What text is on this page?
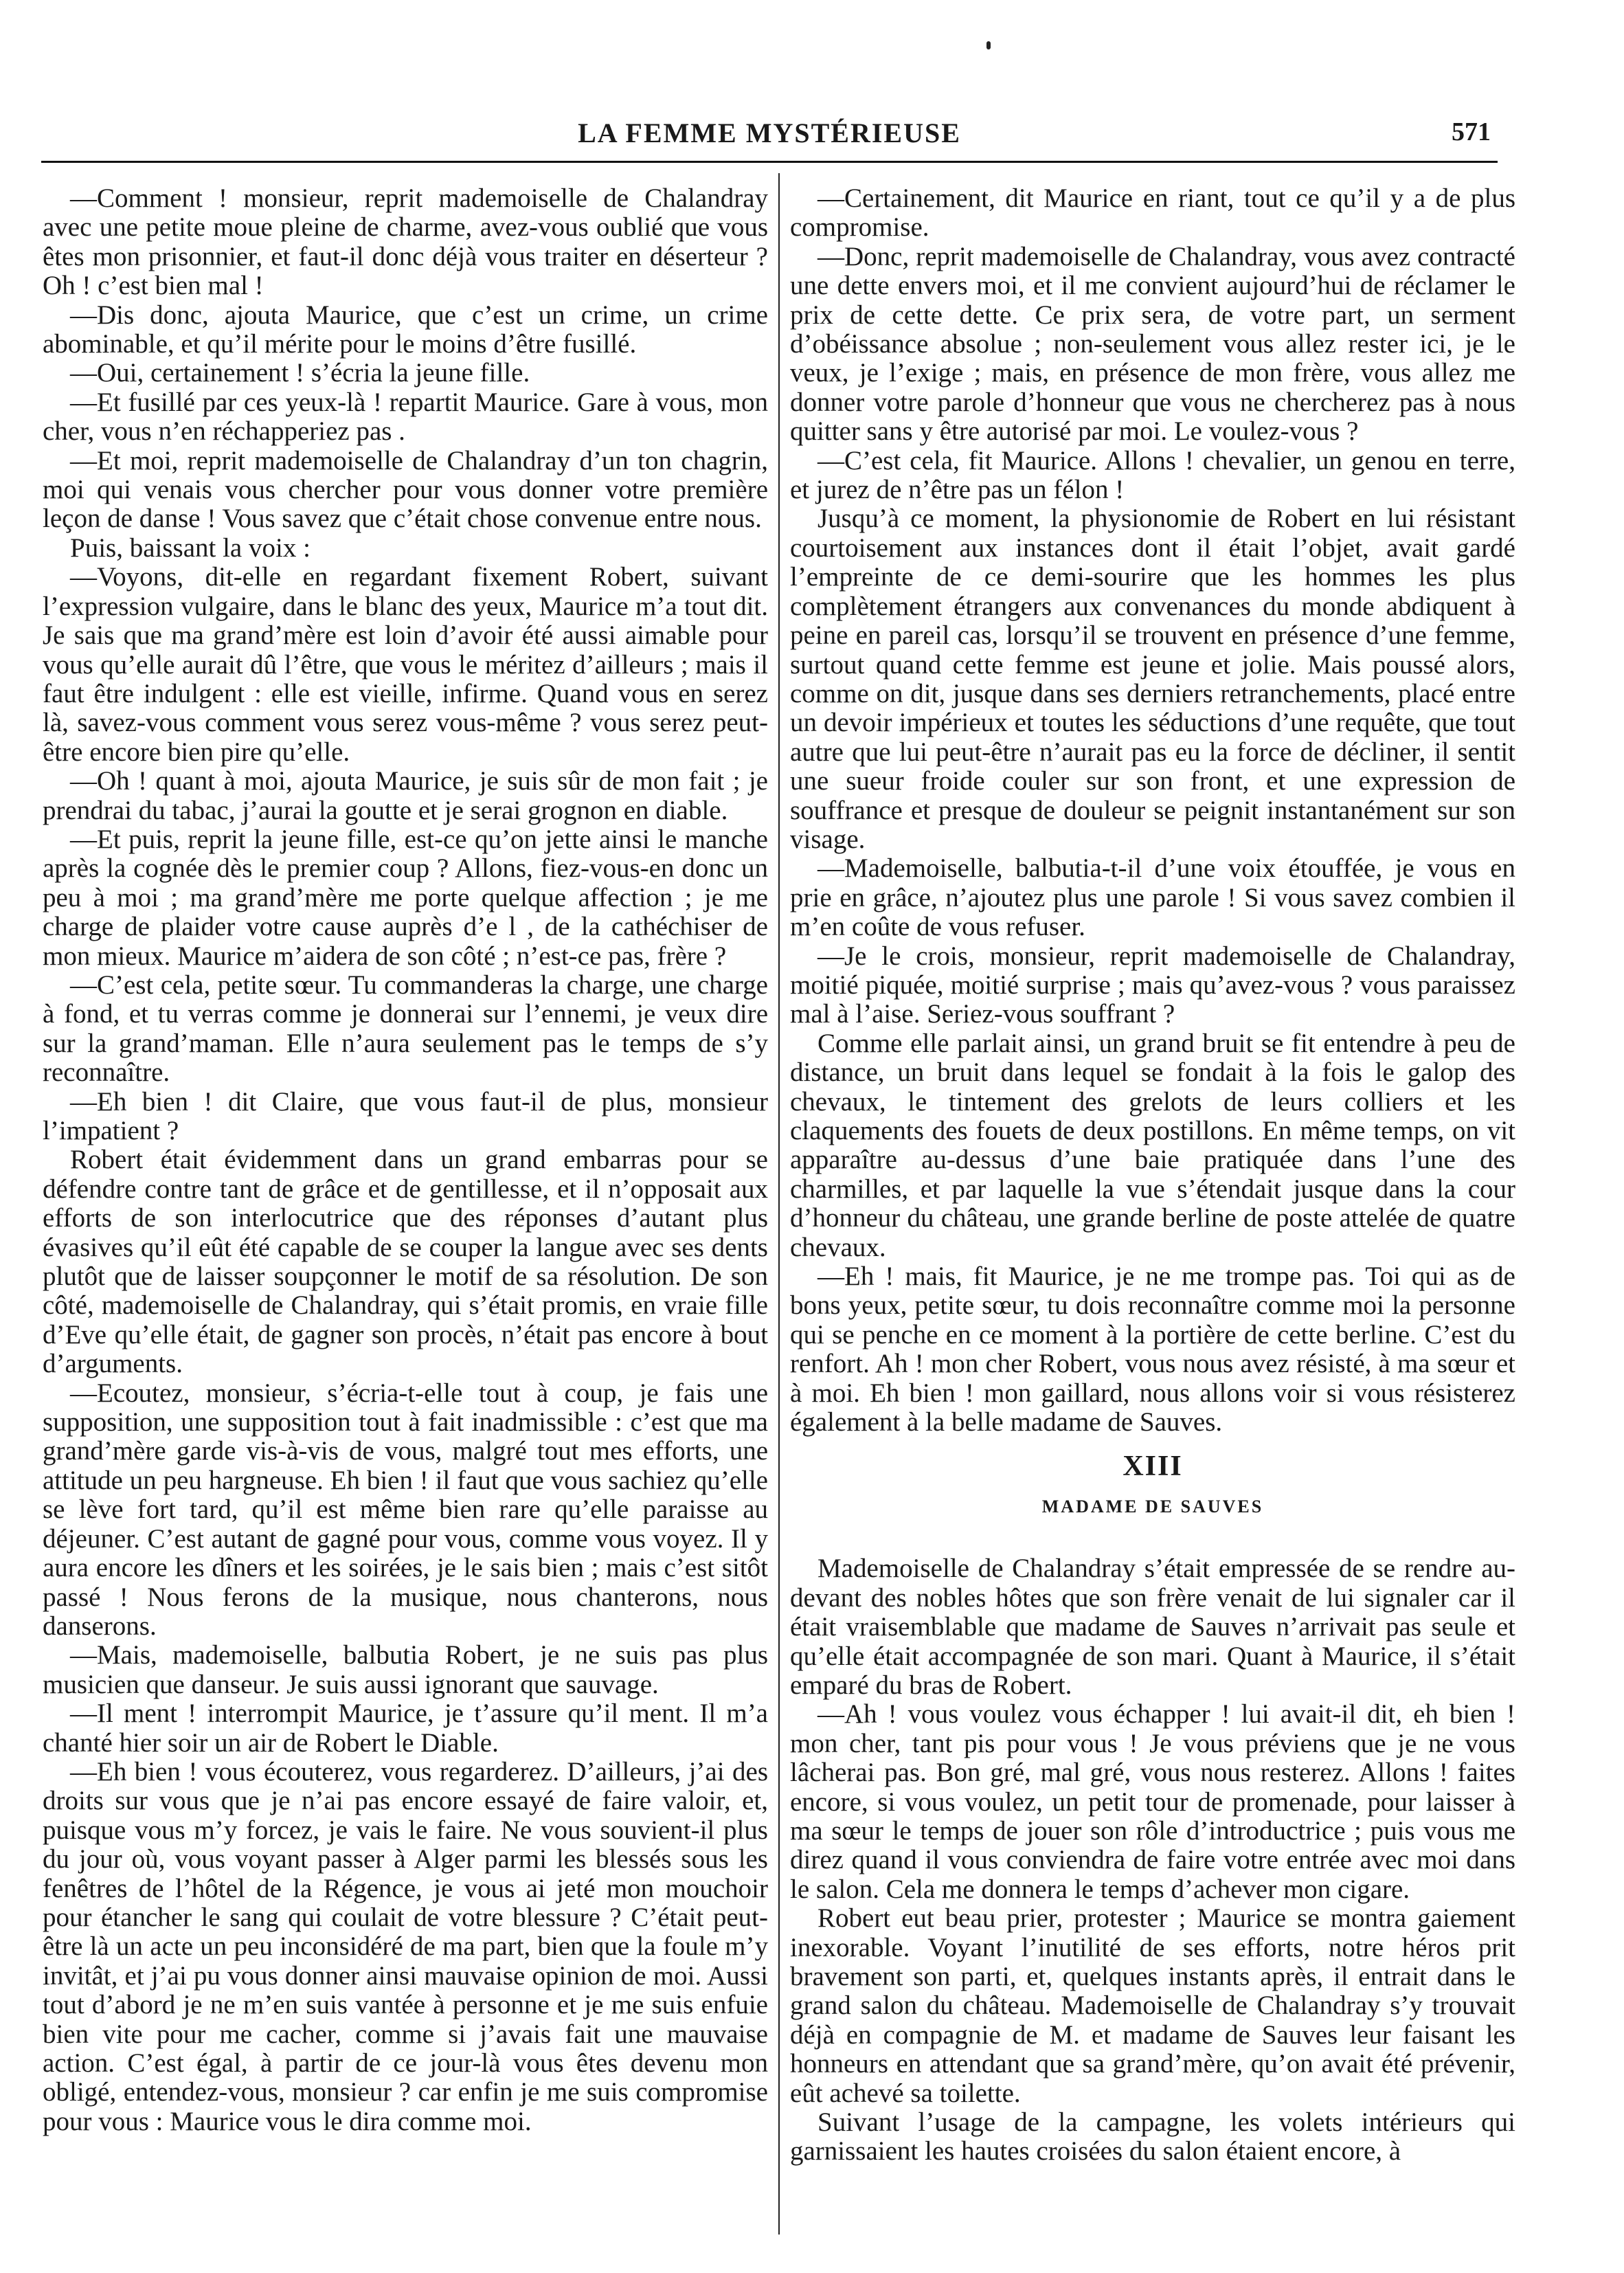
LA FEMME MYSTÉRIEUSE	571

—Comment ! monsieur, reprit mademoiselle de Chalandray avec une petite moue pleine de charme, avez-vous oublié que vous êtes mon prisonnier, et faut-il donc déjà vous traiter en déserteur ? Oh ! c’est bien mal !

—Dis donc, ajouta Maurice, que c’est un crime, un crime abominable, et qu’il mérite pour le moins d’être fusillé.

—Oui, certainement ! s’écria la jeune fille.

—Et fusillé par ces yeux-là ! repartit Maurice. Gare à vous, mon cher, vous n’en réchapperiez pas .

—Et moi, reprit mademoiselle de Chalandray d’un ton chagrin, moi qui venais vous chercher pour vous donner votre première leçon de danse ! Vous savez que c’était chose convenue entre nous.

Puis, baissant la voix :

—Voyons, dit-elle en regardant fixement Robert, suivant l’expression vulgaire, dans le blanc des yeux, Maurice m’a tout dit. Je sais que ma grand’mère est loin d’avoir été aussi aimable pour vous qu’elle aurait dû l’être, que vous le méritez d’ailleurs ; mais il faut être indulgent : elle est vieille, infirme. Quand vous en serez là, savez-vous comment vous serez vous-même ? vous serez peut-être encore bien pire qu’elle.

—Oh ! quant à moi, ajouta Maurice, je suis sûr de mon fait ; je prendrai du tabac, j’aurai la goutte et je serai grognon en diable.

—Et puis, reprit la jeune fille, est-ce qu’on jette ainsi le manche après la cognée dès le premier coup ? Allons, fiez-vous-en donc un peu à moi ; ma grand’mère me porte quelque affection ; je me charge de plaider votre cause auprès d’e l , de la cathéchiser de mon mieux. Maurice m’aidera de son côté ; n’est-ce pas, frère ?

—C’est cela, petite sœur. Tu commanderas la charge, une charge à fond, et tu verras comme je donnerai sur l’ennemi, je veux dire sur la grand’maman. Elle n’aura seulement pas le temps de s’y reconnaître.

—Eh bien ! dit Claire, que vous faut-il de plus, monsieur l’impatient ?

Robert était évidemment dans un grand embarras pour se défendre contre tant de grâce et de gentillesse, et il n’opposait aux efforts de son interlocutrice que des réponses d’autant plus évasives qu’il eût été capable de se couper la langue avec ses dents plutôt que de laisser soupçonner le motif de sa résolution. De son côté, mademoiselle de Chalandray, qui s’était promis, en vraie fille d’Eve qu’elle était, de gagner son procès, n’était pas encore à bout d’arguments.

—Ecoutez, monsieur, s’écria-t-elle tout à coup, je fais une supposition, une supposition tout à fait inadmissible : c’est que ma grand’mère garde vis-à-vis de vous, malgré tout mes efforts, une attitude un peu hargneuse. Eh bien ! il faut que vous sachiez qu’elle se lève fort tard, qu’il est même bien rare qu’elle paraisse au déjeuner. C’est autant de gagné pour vous, comme vous voyez. Il y aura encore les dîners et les soirées, je le sais bien ; mais c’est sitôt passé ! Nous ferons de la musique, nous chanterons, nous danserons.

—Mais, mademoiselle, balbutia Robert, je ne suis pas plus musicien que danseur. Je suis aussi ignorant que sauvage.

—Il ment ! interrompit Maurice, je t’assure qu’il ment. Il m’a chanté hier soir un air de Robert le Diable.

—Eh bien ! vous écouterez, vous regarderez. D’ailleurs, j’ai des droits sur vous que je n’ai pas encore essayé de faire valoir, et, puisque vous m’y forcez, je vais le faire. Ne vous souvient-il plus du jour où, vous voyant passer à Alger parmi les blessés sous les fenêtres de l’hôtel de la Régence, je vous ai jeté mon mouchoir pour étancher le sang qui coulait de votre blessure ? C’était peut-être là un acte un peu inconsidéré de ma part, bien que la foule m’y invitât, et j’ai pu vous donner ainsi mauvaise opinion de moi. Aussi tout d’abord je ne m’en suis vantée à personne et je me suis enfuie bien vite pour me cacher, comme si j’avais fait une mauvaise action. C’est égal, à partir de ce jour-là vous êtes devenu mon obligé, entendez-vous, monsieur ? car enfin je me suis compromise pour vous : Maurice vous le dira comme moi.

—Certainement, dit Maurice en riant, tout ce qu’il y a de plus compromise.

—Donc, reprit mademoiselle de Chalandray, vous avez contracté une dette envers moi, et il me convient aujourd’hui de réclamer le prix de cette dette. Ce prix sera, de votre part, un serment d’obéissance absolue ; non-seulement vous allez rester ici, je le veux, je l’exige ; mais, en présence de mon frère, vous allez me donner votre parole d’honneur que vous ne chercherez pas à nous quitter sans y être autorisé par moi. Le voulez-vous ?

—C’est cela, fit Maurice. Allons ! chevalier, un genou en terre, et jurez de n’être pas un félon !

Jusqu’à ce moment, la physionomie de Robert en lui résistant courtoisement aux instances dont il était l’objet, avait gardé l’empreinte de ce demi-sourire que les hommes les plus complètement étrangers aux convenances du monde abdiquent à peine en pareil cas, lorsqu’il se trouvent en présence d’une femme, surtout quand cette femme est jeune et jolie. Mais poussé alors, comme on dit, jusque dans ses derniers retranchements, placé entre un devoir impérieux et toutes les séductions d’une requête, que tout autre que lui peut-être n’aurait pas eu la force de décliner, il sentit une sueur froide couler sur son front, et une expression de souffrance et presque de douleur se peignit instantanément sur son visage.

—Mademoiselle, balbutia-t-il d’une voix étouffée, je vous en prie en grâce, n’ajoutez plus une parole ! Si vous savez combien il m’en coûte de vous refuser.

—Je le crois, monsieur, reprit mademoiselle de Chalandray, moitié piquée, moitié surprise ; mais qu’avez-vous ? vous paraissez mal à l’aise. Seriez-vous souffrant ?

Comme elle parlait ainsi, un grand bruit se fit entendre à peu de distance, un bruit dans lequel se fondait à la fois le galop des chevaux, le tintement des grelots de leurs colliers et les claquements des fouets de deux postillons. En même temps, on vit apparaître au-dessus d’une baie pratiquée dans l’une des charmilles, et par laquelle la vue s’étendait jusque dans la cour d’honneur du château, une grande berline de poste attelée de quatre chevaux.

—Eh ! mais, fit Maurice, je ne me trompe pas. Toi qui as de bons yeux, petite sœur, tu dois reconnaître comme moi la personne qui se penche en ce moment à la portière de cette berline. C’est du renfort. Ah ! mon cher Robert, vous nous avez résisté, à ma sœur et à moi. Eh bien ! mon gaillard, nous allons voir si vous résisterez également à la belle madame de Sauves.

XIII
MADAME DE SAUVES

Mademoiselle de Chalandray s’était empressée de se rendre au-devant des nobles hôtes que son frère venait de lui signaler car il était vraisemblable que madame de Sauves n’arrivait pas seule et qu’elle était accompagnée de son mari. Quant à Maurice, il s’était emparé du bras de Robert.

—Ah ! vous voulez vous échapper ! lui avait-il dit, eh bien ! mon cher, tant pis pour vous ! Je vous préviens que je ne vous lâcherai pas. Bon gré, mal gré, vous nous resterez. Allons ! faites encore, si vous voulez, un petit tour de promenade, pour laisser à ma sœur le temps de jouer son rôle d’introductrice ; puis vous me direz quand il vous conviendra de faire votre entrée avec moi dans le salon. Cela me donnera le temps d’achever mon cigare.

Robert eut beau prier, protester ; Maurice se montra gaiement inexorable. Voyant l’inutilité de ses efforts, notre héros prit bravement son parti, et, quelques instants après, il entrait dans le grand salon du château. Mademoiselle de Chalandray s’y trouvait déjà en compagnie de M. et madame de Sauves leur faisant les honneurs en attendant que sa grand’mère, qu’on avait été prévenir, eût achevé sa toilette.

Suivant l’usage de la campagne, les volets intérieurs qui garnissaient les hautes croisées du salon étaient encore, à
